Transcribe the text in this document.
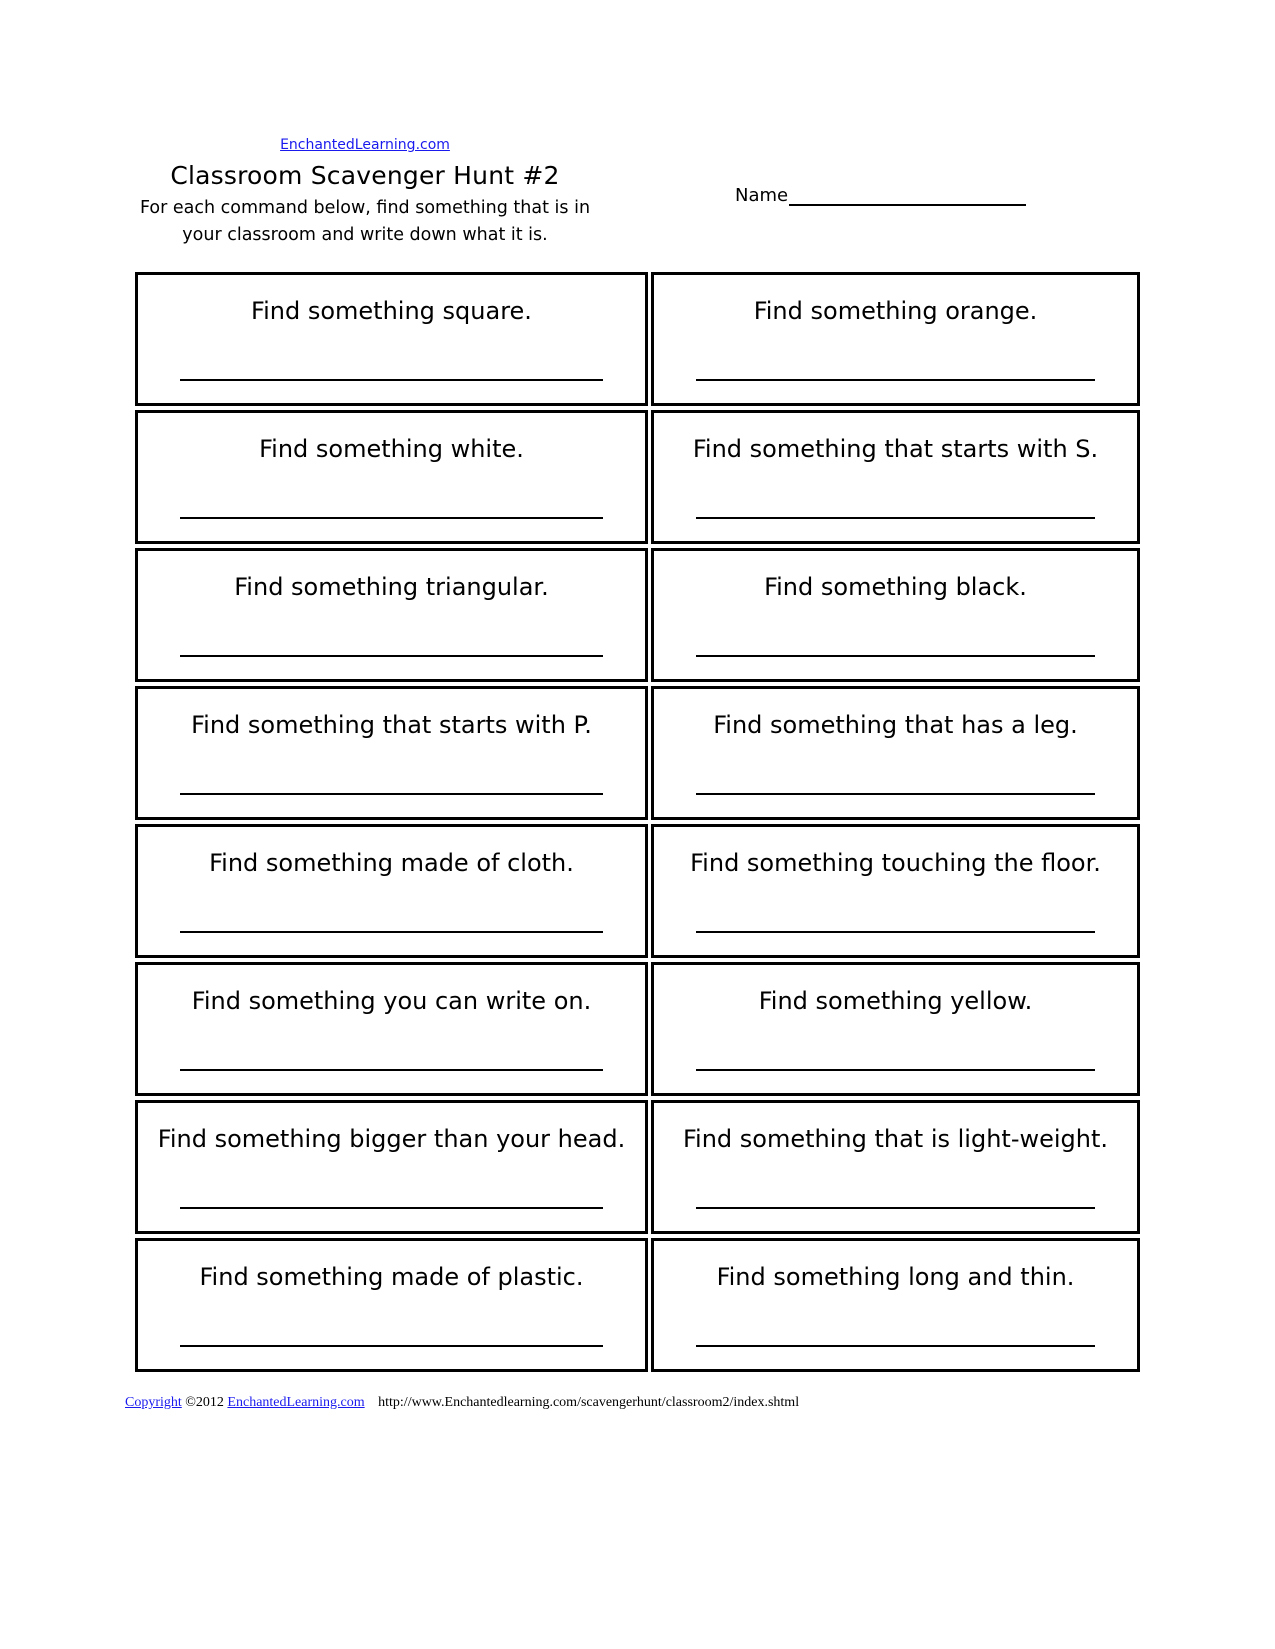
EnchantedLearning.com
Classroom Scavenger Hunt #2
For each command below, find something that is in
your classroom and write down what it is.
Name
Find something square.	Find something orange.
Find something white.	Find something that starts with S.
Find something triangular.	Find something black.
Find something that starts with P.	Find something that has a leg.
Find something made of cloth.	Find something touching the floor.
Find something you can write on.	Find something yellow.
Find something bigger than your head.	Find something that is light-weight.
Find something made of plastic.	Find something long and thin.
Copyright ©2012 EnchantedLearning.com http://www.Enchantedlearning.com/scavengerhunt/classroom2/index.shtml
